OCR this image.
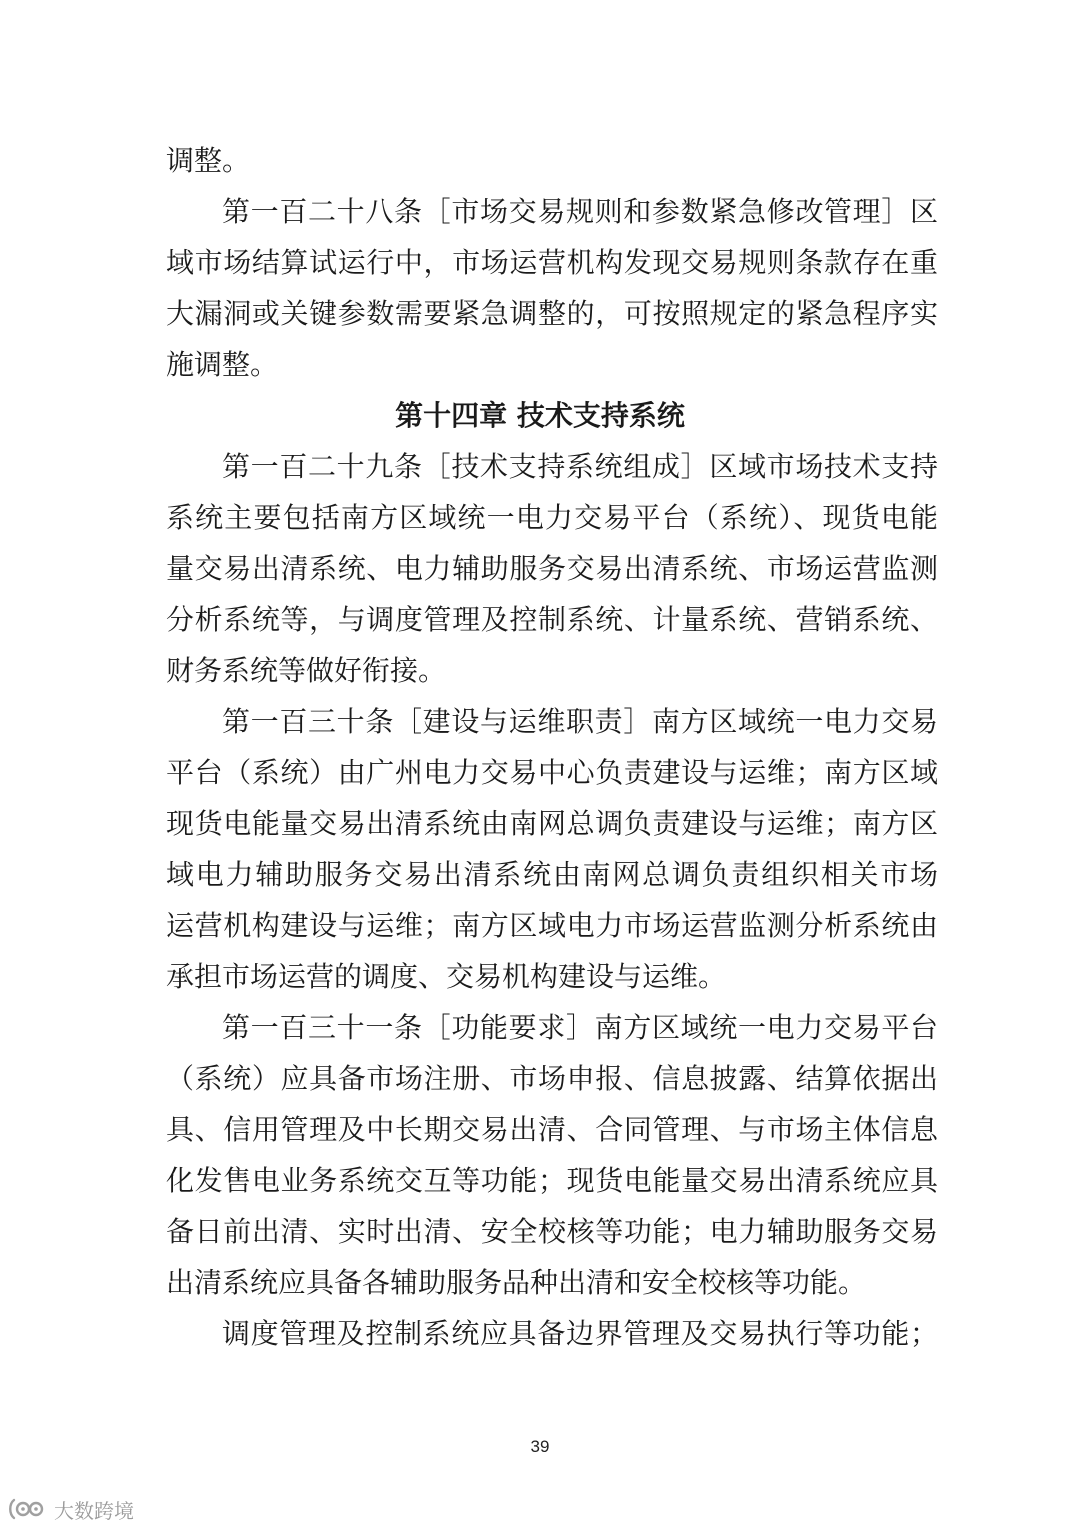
调整。
第一百二十八条［市场交易规则和参数紧急修改管理］区
域市场结算试运行中，市场运营机构发现交易规则条款存在重
大漏洞或关键参数需要紧急调整的，可按照规定的紧急程序实
施调整。
第十四章 技术支持系统
第一百二十九条［技术支持系统组成］区域市场技术支持
系统主要包括南方区域统一电力交易平台（系统）、现货电能
量交易出清系统、电力辅助服务交易出清系统、市场运营监测
分析系统等，与调度管理及控制系统、计量系统、营销系统、
财务系统等做好衔接。
第一百三十条［建设与运维职责］南方区域统一电力交易
平台（系统）由广州电力交易中心负责建设与运维；南方区域
现货电能量交易出清系统由南网总调负责建设与运维；南方区
域电力辅助服务交易出清系统由南网总调负责组织相关市场
运营机构建设与运维；南方区域电力市场运营监测分析系统由
承担市场运营的调度、交易机构建设与运维。
第一百三十一条［功能要求］南方区域统一电力交易平台
（系统）应具备市场注册、市场申报、信息披露、结算依据出
具、信用管理及中长期交易出清、合同管理、与市场主体信息
化发售电业务系统交互等功能；现货电能量交易出清系统应具
备日前出清、实时出清、安全校核等功能；电力辅助服务交易
出清系统应具备各辅助服务品种出清和安全校核等功能。
调度管理及控制系统应具备边界管理及交易执行等功能；
39
大数跨境
